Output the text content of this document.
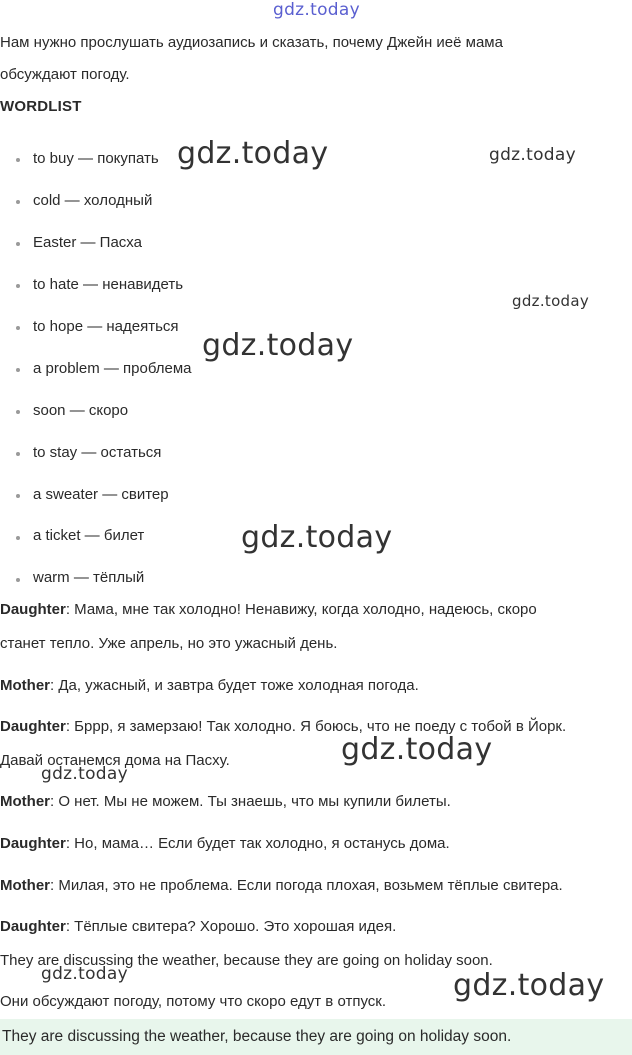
gdz.today
gdz.today	gdz.today
gdz.today
gdz.today
gdz.today
gdz.today
gdz.today
gdz.today	gdz.today
Нам нужно прослушать аудиозапись и сказать, почему Джейн иеё мама
обсуждают погоду.
WORDLIST
to buy — покупать
cold — холодный
Easter — Пасха
to hate — ненавидеть
to hope — надеяться
a problem — проблема
soon — скоро
to stay — остаться
a sweater — свитер
a ticket — билет
warm — тёплый
Daughter: Мама, мне так холодно! Ненавижу, когда холодно, надеюсь, скоро
станет тепло. Уже апрель, но это ужасный день.
Mother: Да, ужасный, и завтра будет тоже холодная погода.
Daughter: Бррр, я замерзаю! Так холодно. Я боюсь, что не поеду с тобой в Йорк.
Давай останемся дома на Пасху.
Mother: О нет. Мы не можем. Ты знаешь, что мы купили билеты.
Daughter: Но, мама… Если будет так холодно, я останусь дома.
Mother: Милая, это не проблема. Если погода плохая, возьмем тёплые свитера.
Daughter: Тёплые свитера? Хорошо. Это хорошая идея.
They are discussing the weather, because they are going on holiday soon.
Они обсуждают погоду, потому что скоро едут в отпуск.
They are discussing the weather, because they are going on holiday soon.
